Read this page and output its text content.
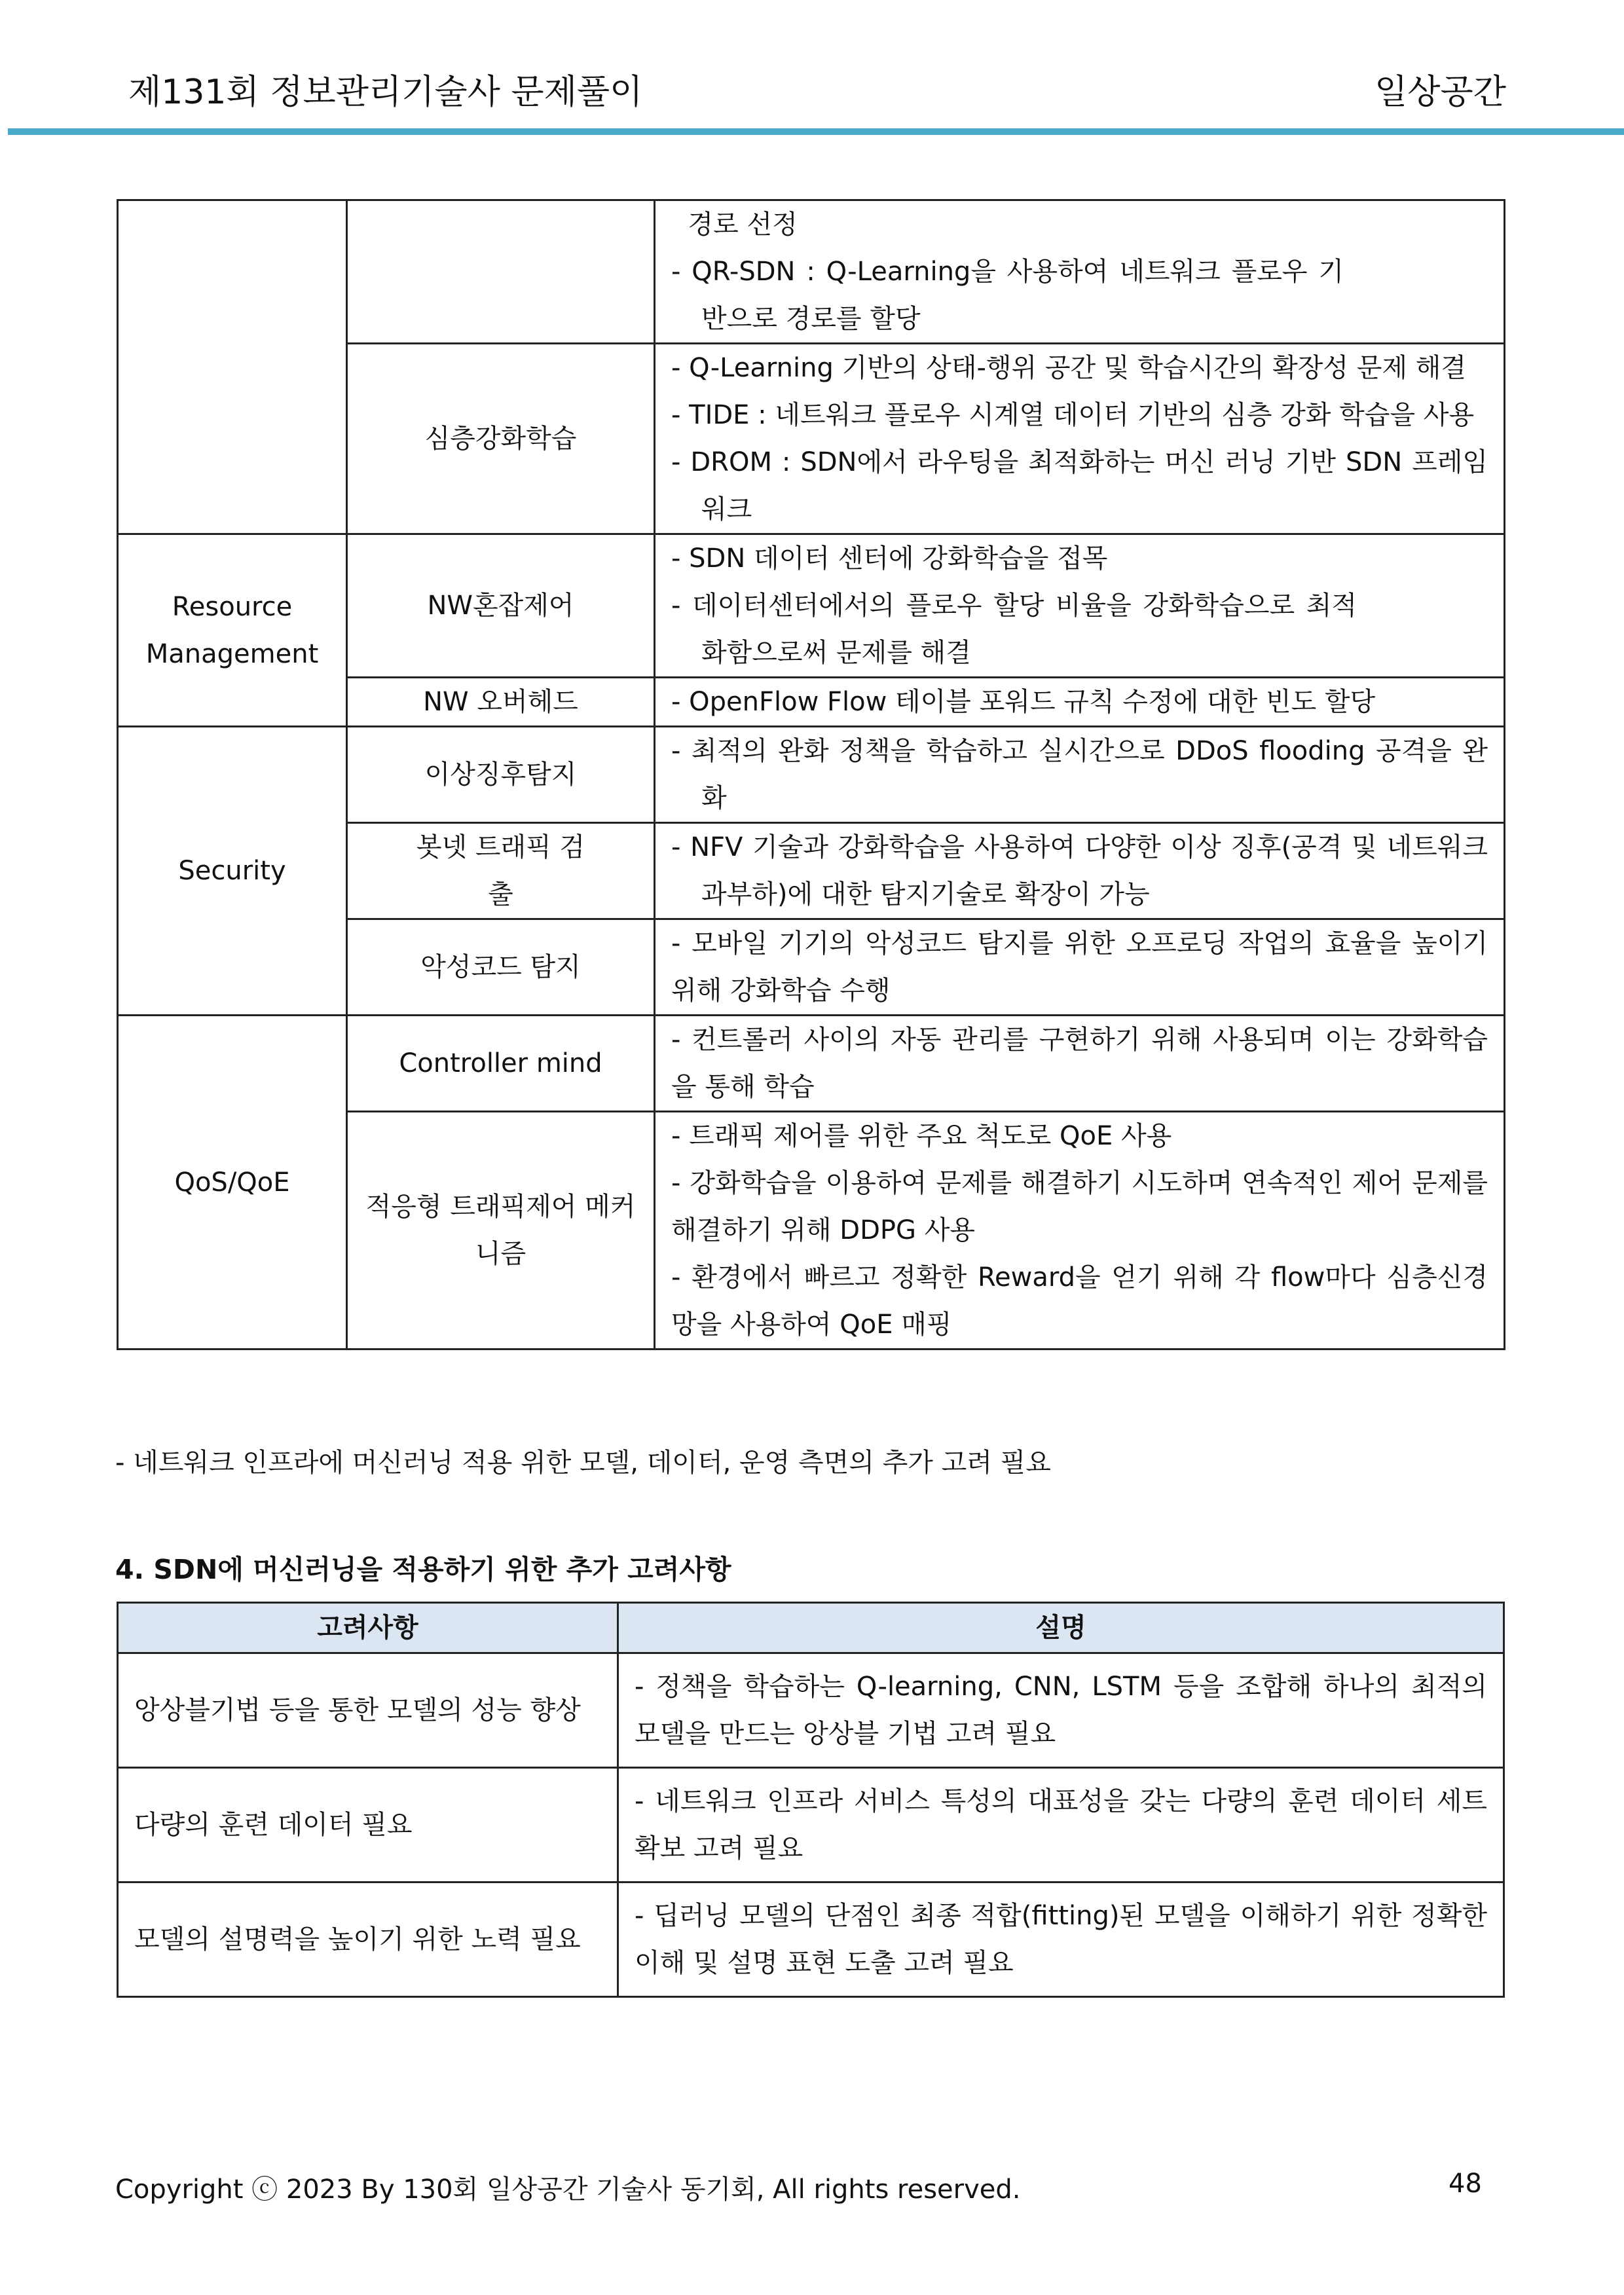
제131회 정보관리기술사 문제풀이	일상공간

		경로 선정
- QR-SDN : Q-Learning을 사용하여 네트워크 플로우 기반으로 경로를 할당

	심층강화학습	- Q-Learning 기반의 상태-행위 공간 및 학습시간의 확장성 문제 해결
- TIDE : 네트워크 플로우 시계열 데이터 기반의 심층 강화 학습을 사용
- DROM : SDN에서 라우팅을 최적화하는 머신 러닝 기반 SDN 프레임워크

Resource Management	NW혼잡제어	- SDN 데이터 센터에 강화학습을 접목
- 데이터센터에서의 플로우 할당 비율을 강화학습으로 최적화함으로써 문제를 해결

	NW 오버헤드	- OpenFlow Flow 테이블 포워드 규칙 수정에 대한 빈도 할당

Security	이상징후탐지	- 최적의 완화 정책을 학습하고 실시간으로 DDoS flooding 공격을 완화

	봇넷 트래픽 검출	- NFV 기술과 강화학습을 사용하여 다양한 이상 징후(공격 및 네트워크 과부하)에 대한 탐지기술로 확장이 가능

	악성코드 탐지	- 모바일 기기의 악성코드 탐지를 위한 오프로딩 작업의 효율을 높이기 위해 강화학습 수행

QoS/QoE	Controller mind	- 컨트롤러 사이의 자동 관리를 구현하기 위해 사용되며 이는 강화학습을 통해 학습

	적응형 트래픽제어 메커니즘	- 트래픽 제어를 위한 주요 척도로 QoE 사용
- 강화학습을 이용하여 문제를 해결하기 시도하며 연속적인 제어 문제를 해결하기 위해 DDPG 사용
- 환경에서 빠르고 정확한 Reward을 얻기 위해 각 flow마다 심층신경망을 사용하여 QoE 매핑
- 네트워크 인프라에 머신러닝 적용 위한 모델, 데이터, 운영 측면의 추가 고려 필요
4. SDN에 머신러닝을 적용하기 위한 추가 고려사항
고려사항	설명
앙상블기법 등을 통한 모델의 성능 향상	- 정책을 학습하는 Q-learning, CNN, LSTM 등을 조합해 하나의 최적의 모델을 만드는 앙상블 기법 고려 필요
다량의 훈련 데이터 필요	- 네트워크 인프라 서비스 특성의 대표성을 갖는 다량의 훈련 데이터 세트 확보 고려 필요
모델의 설명력을 높이기 위한 노력 필요	- 딥러닝 모델의 단점인 최종 적합(fitting)된 모델을 이해하기 위한 정확한 이해 및 설명 표현 도출 고려 필요
Copyright ⓒ 2023 By 130회 일상공간 기술사 동기회, All rights reserved.	48
